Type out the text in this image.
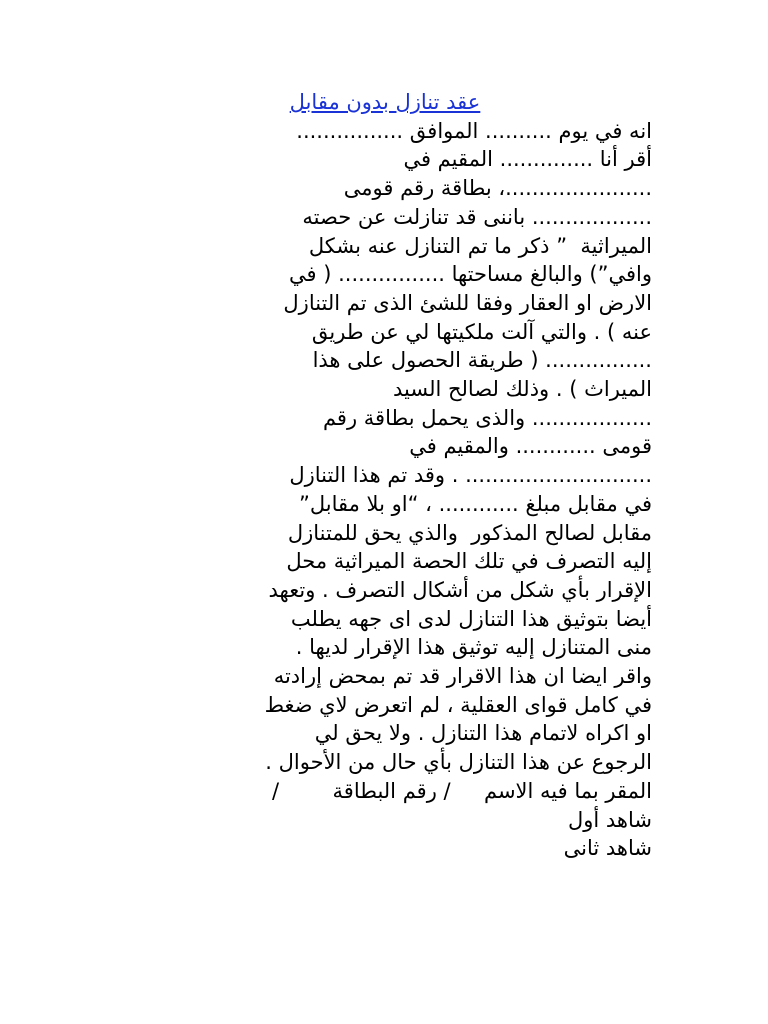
عقد تنازل بدون مقابل
انه في يوم .......... الموافق ................
أقر أنا .............. المقيم في
......................، بطاقة رقم قومى
.................. باننى قد تنازلت عن حصته
الميراثية  ” ذكر ما تم التنازل عنه بشكل
وافي”) والبالغ مساحتها ................ ( في
الارض او العقار وفقا للشئ الذى تم التنازل
عنه ) . والتي آلت ملكيتها لي عن طريق
................ ( طريقة الحصول على هذا
الميراث ) . وذلك لصالح السيد
.................. والذى يحمل بطاقة رقم
قومى ............ والمقيم في
............................ . وقد تم هذا التنازل
في مقابل مبلغ ............ ، “او بلا مقابل”
مقابل لصالح المذكور  والذي يحق للمتنازل
إليه التصرف في تلك الحصة الميراثية محل
الإقرار بأي شكل من أشكال التصرف . وتعهد
أيضا بتوثيق هذا التنازل لدى اى جهه يطلب
منى المتنازل إليه توثيق هذا الإقرار لديها .
واقر ايضا ان هذا الاقرار قد تم بمحض إرادته
في كامل قواى العقلية ، لم اتعرض لاي ضغط
او اكراه لاتمام هذا التنازل . ولا يحق لي
الرجوع عن هذا التنازل بأي حال من الأحوال .
المقر بما فيه الاسم     / رقم البطاقة        /
شاهد أول
شاهد ثانى
